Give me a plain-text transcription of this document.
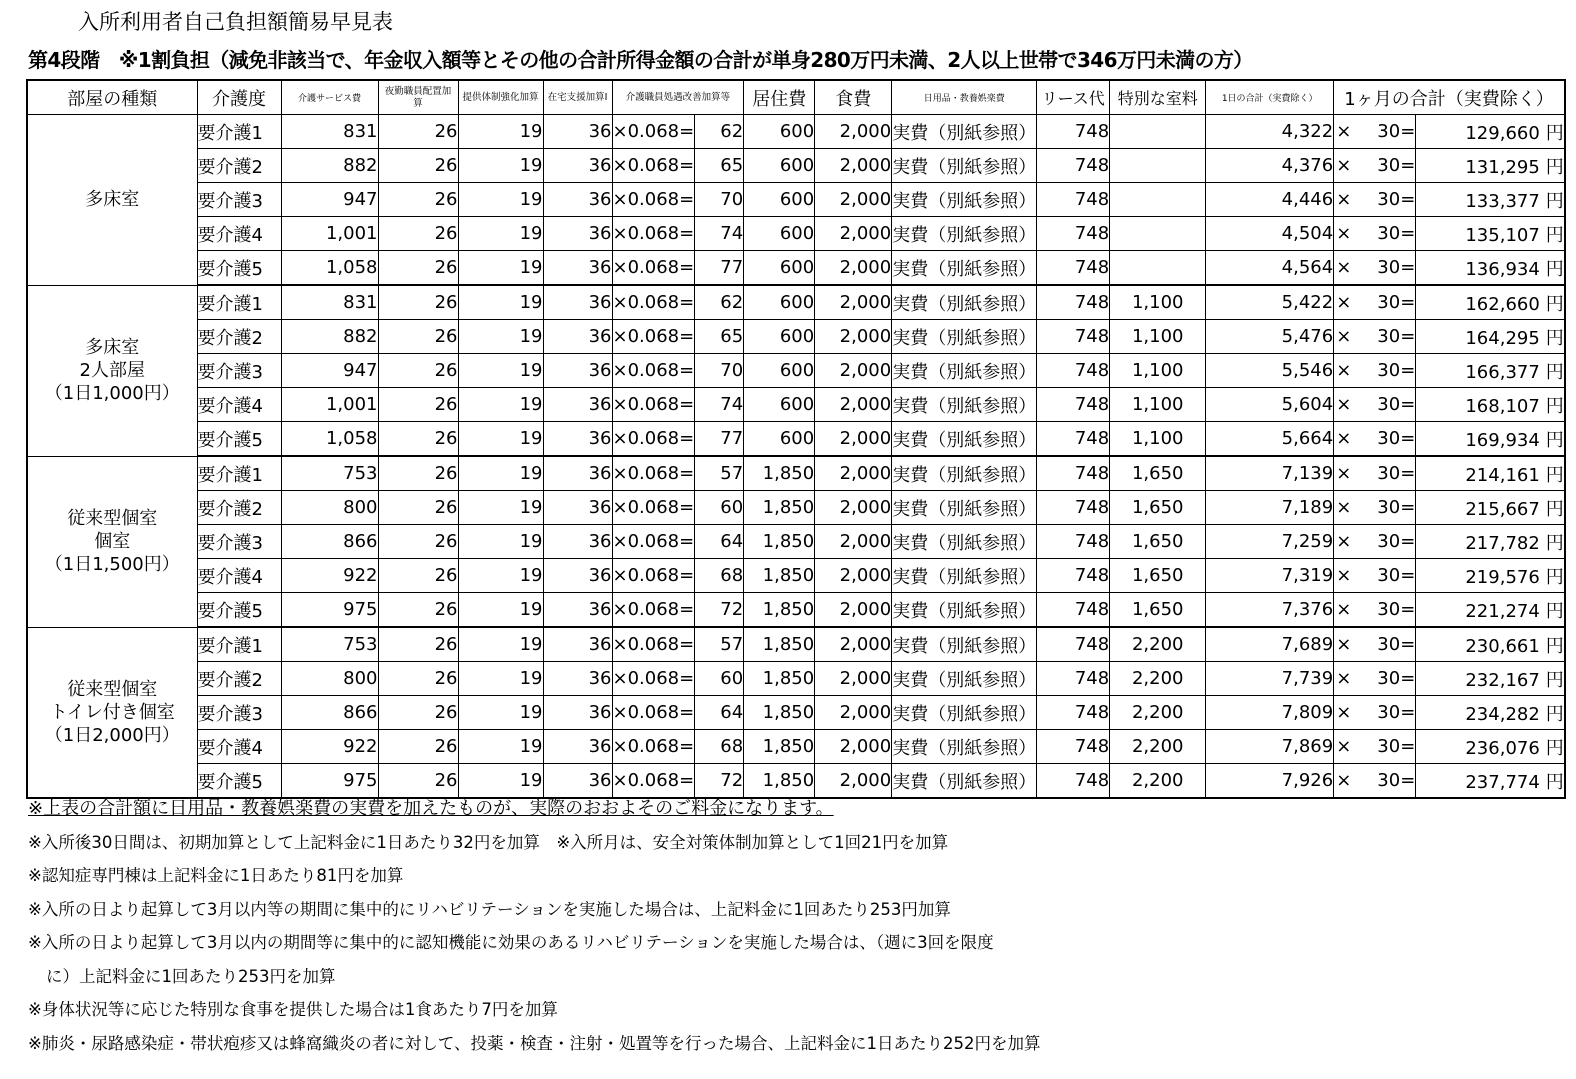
入所利用者自己負担額簡易早見表
第4段階　※1割負担（減免非該当で、年金収入額等とその他の合計所得金額の合計が単身280万円未満、2人以上世帯で346万円未満の方）
部屋の種類	介護度	介護サービス費	夜勤職員配置加　　　算	提供体制強化加算	在宅支援加算Ⅰ	介護職員処遇改善加算等		居住費	食費	日用品・教養娯楽費	リース代	特別な室料	1日の合計（実費除く）	1ヶ月の合計（実費除く）	

多床室	要介護1	831	26	19	36	×0.068=	62	600	2,000	実費（別紙参照）	748		4,322	× 30=	129,660 円
	要介護2	882	26	19	36	×0.068=	65	600	2,000	実費（別紙参照）	748		4,376	× 30=	131,295 円
	要介護3	947	26	19	36	×0.068=	70	600	2,000	実費（別紙参照）	748		4,446	× 30=	133,377 円
	要介護4	1,001	26	19	36	×0.068=	74	600	2,000	実費（別紙参照）	748		4,504	× 30=	135,107 円
	要介護5	1,058	26	19	36	×0.068=	77	600	2,000	実費（別紙参照）	748		4,564	× 30=	136,934 円

多床室
2人部屋
（1日1,000円）	要介護1	831	26	19	36	×0.068=	62	600	2,000	実費（別紙参照）	748	1,100	5,422	× 30=	162,660 円
	要介護2	882	26	19	36	×0.068=	65	600	2,000	実費（別紙参照）	748	1,100	5,476	× 30=	164,295 円
	要介護3	947	26	19	36	×0.068=	70	600	2,000	実費（別紙参照）	748	1,100	5,546	× 30=	166,377 円
	要介護4	1,001	26	19	36	×0.068=	74	600	2,000	実費（別紙参照）	748	1,100	5,604	× 30=	168,107 円
	要介護5	1,058	26	19	36	×0.068=	77	600	2,000	実費（別紙参照）	748	1,100	5,664	× 30=	169,934 円

従来型個室
個室
（1日1,500円）	要介護1	753	26	19	36	×0.068=	57	1,850	2,000	実費（別紙参照）	748	1,650	7,139	× 30=	214,161 円
	要介護2	800	26	19	36	×0.068=	60	1,850	2,000	実費（別紙参照）	748	1,650	7,189	× 30=	215,667 円
	要介護3	866	26	19	36	×0.068=	64	1,850	2,000	実費（別紙参照）	748	1,650	7,259	× 30=	217,782 円
	要介護4	922	26	19	36	×0.068=	68	1,850	2,000	実費（別紙参照）	748	1,650	7,319	× 30=	219,576 円
	要介護5	975	26	19	36	×0.068=	72	1,850	2,000	実費（別紙参照）	748	1,650	7,376	× 30=	221,274 円

従来型個室
トイレ付き個室
（1日2,000円）	要介護1	753	26	19	36	×0.068=	57	1,850	2,000	実費（別紙参照）	748	2,200	7,689	× 30=	230,661 円
	要介護2	800	26	19	36	×0.068=	60	1,850	2,000	実費（別紙参照）	748	2,200	7,739	× 30=	232,167 円
	要介護3	866	26	19	36	×0.068=	64	1,850	2,000	実費（別紙参照）	748	2,200	7,809	× 30=	234,282 円
	要介護4	922	26	19	36	×0.068=	68	1,850	2,000	実費（別紙参照）	748	2,200	7,869	× 30=	236,076 円
	要介護5	975	26	19	36	×0.068=	72	1,850	2,000	実費（別紙参照）	748	2,200	7,926	× 30=	237,774 円
※上表の合計額に日用品・教養娯楽費の実費を加えたものが、実際のおおよそのご料金になります。
※入所後30日間は、初期加算として上記料金に1日あたり32円を加算　※入所月は、安全対策体制加算として1回21円を加算
※認知症専門棟は上記料金に1日あたり81円を加算
※入所の日より起算して3月以内等の期間に集中的にリハビリテーションを実施した場合は、上記料金に1回あたり253円加算
※入所の日より起算して3月以内の期間等に集中的に認知機能に効果のあるリハビリテーションを実施した場合は、（週に3回を限度
に）上記料金に1回あたり253円を加算
※身体状況等に応じた特別な食事を提供した場合は1食あたり7円を加算
※肺炎・尿路感染症・帯状疱疹又は蜂窩織炎の者に対して、投薬・検査・注射・処置等を行った場合、上記料金に1日あたり252円を加算
